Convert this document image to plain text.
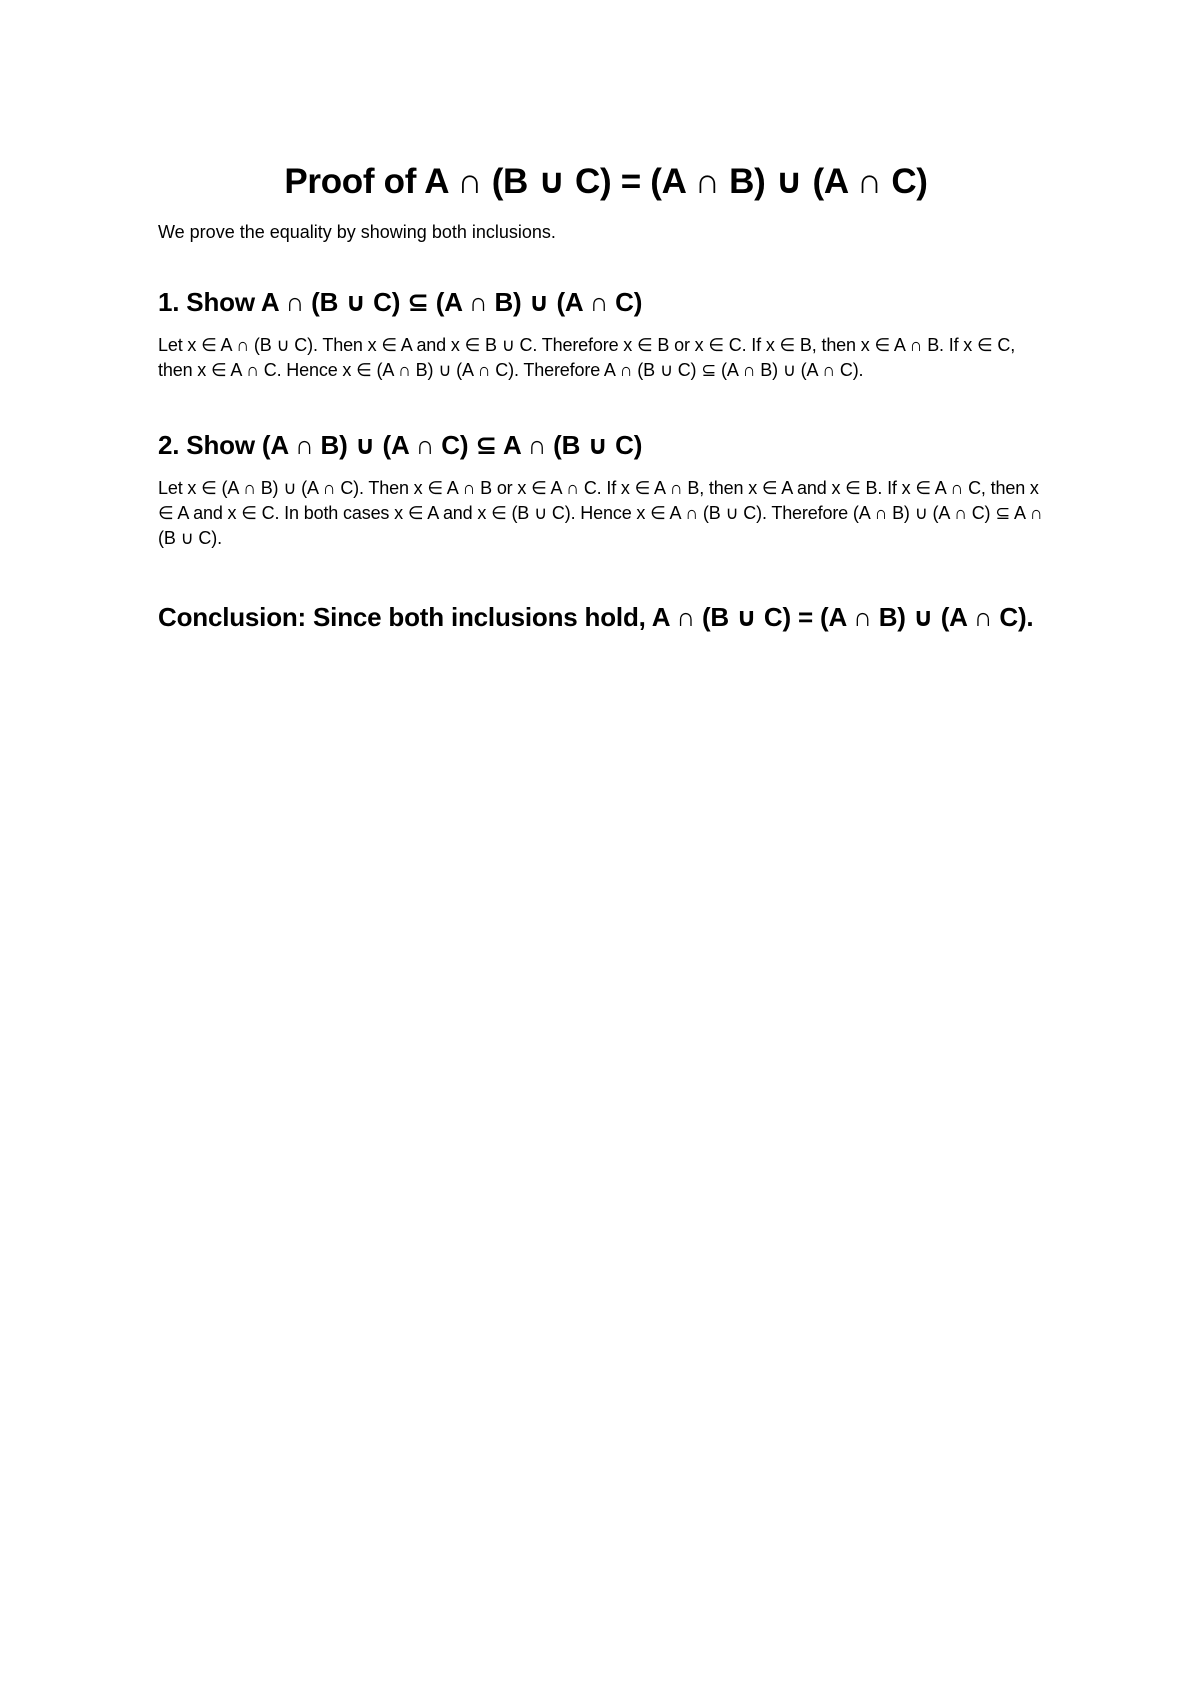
Proof of A ∩ (B ∪ C) = (A ∩ B) ∪ (A ∩ C)

We prove the equality by showing both inclusions.

1. Show A ∩ (B ∪ C) ⊆ (A ∩ B) ∪ (A ∩ C)

Let x ∈ A ∩ (B ∪ C). Then x ∈ A and x ∈ B ∪ C. Therefore x ∈ B or x ∈ C. If x ∈ B, then x ∈ A ∩ B. If x ∈ C, then x ∈ A ∩ C. Hence x ∈ (A ∩ B) ∪ (A ∩ C). Therefore A ∩ (B ∪ C) ⊆ (A ∩ B) ∪ (A ∩ C).

2. Show (A ∩ B) ∪ (A ∩ C) ⊆ A ∩ (B ∪ C)

Let x ∈ (A ∩ B) ∪ (A ∩ C). Then x ∈ A ∩ B or x ∈ A ∩ C. If x ∈ A ∩ B, then x ∈ A and x ∈ B. If x ∈ A ∩ C, then x ∈ A and x ∈ C. In both cases x ∈ A and x ∈ (B ∪ C). Hence x ∈ A ∩ (B ∪ C). Therefore (A ∩ B) ∪ (A ∩ C) ⊆ A ∩ (B ∪ C).

Conclusion: Since both inclusions hold, A ∩ (B ∪ C) = (A ∩ B) ∪ (A ∩ C).
